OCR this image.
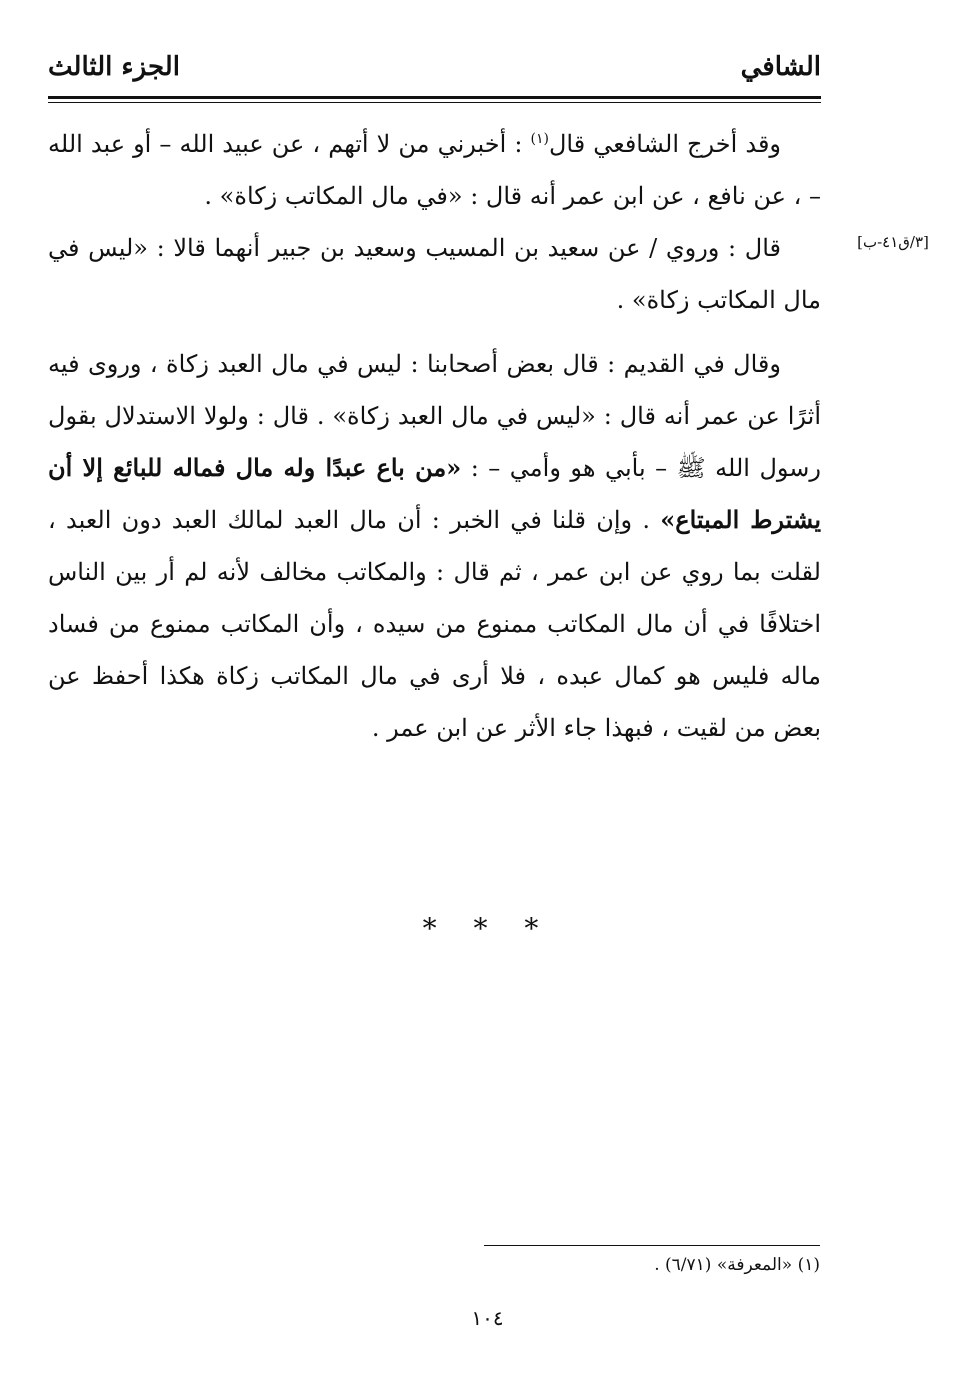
الشافي
الجزء الثالث
[٣/ق٤١-ب]

وقد أخرج الشافعي قال$^{(١)}$ : أخبرني من لا أتهم ، عن عبيد الله – أو عبد الله – ، عن نافع ، عن ابن عمر أنه قال : «في مال المكاتب زكاة» .

قال : وروي / عن سعيد بن المسيب وسعيد بن جبير أنهما قالا : «ليس في مال المكاتب زكاة» .

وقال في القديم : قال بعض أصحابنا : ليس في مال العبد زكاة ، وروى فيه أثرًا عن عمر أنه قال : «ليس في مال العبد زكاة» . قال : ولولا الاستدلال بقول رسول الله ﷺ – بأبي هو وأمي – : «من باع عبدًا وله مال فماله للبائع إلا أن يشترط المبتاع» . وإن قلنا في الخبر : أن مال العبد لمالك العبد دون العبد ، لقلت بما روي عن ابن عمر ، ثم قال : والمكاتب مخالف لأنه لم أر بين الناس اختلافًا في أن مال المكاتب ممنوع من سيده ، وأن المكاتب ممنوع من فساد ماله فليس هو كمال عبده ، فلا أرى في مال المكاتب زكاة هكذا أحفظ عن بعض من لقيت ، فبهذا جاء الأثر عن ابن عمر .

* * *
(١) «المعرفة» (٦/٧١) .
١٠٤
